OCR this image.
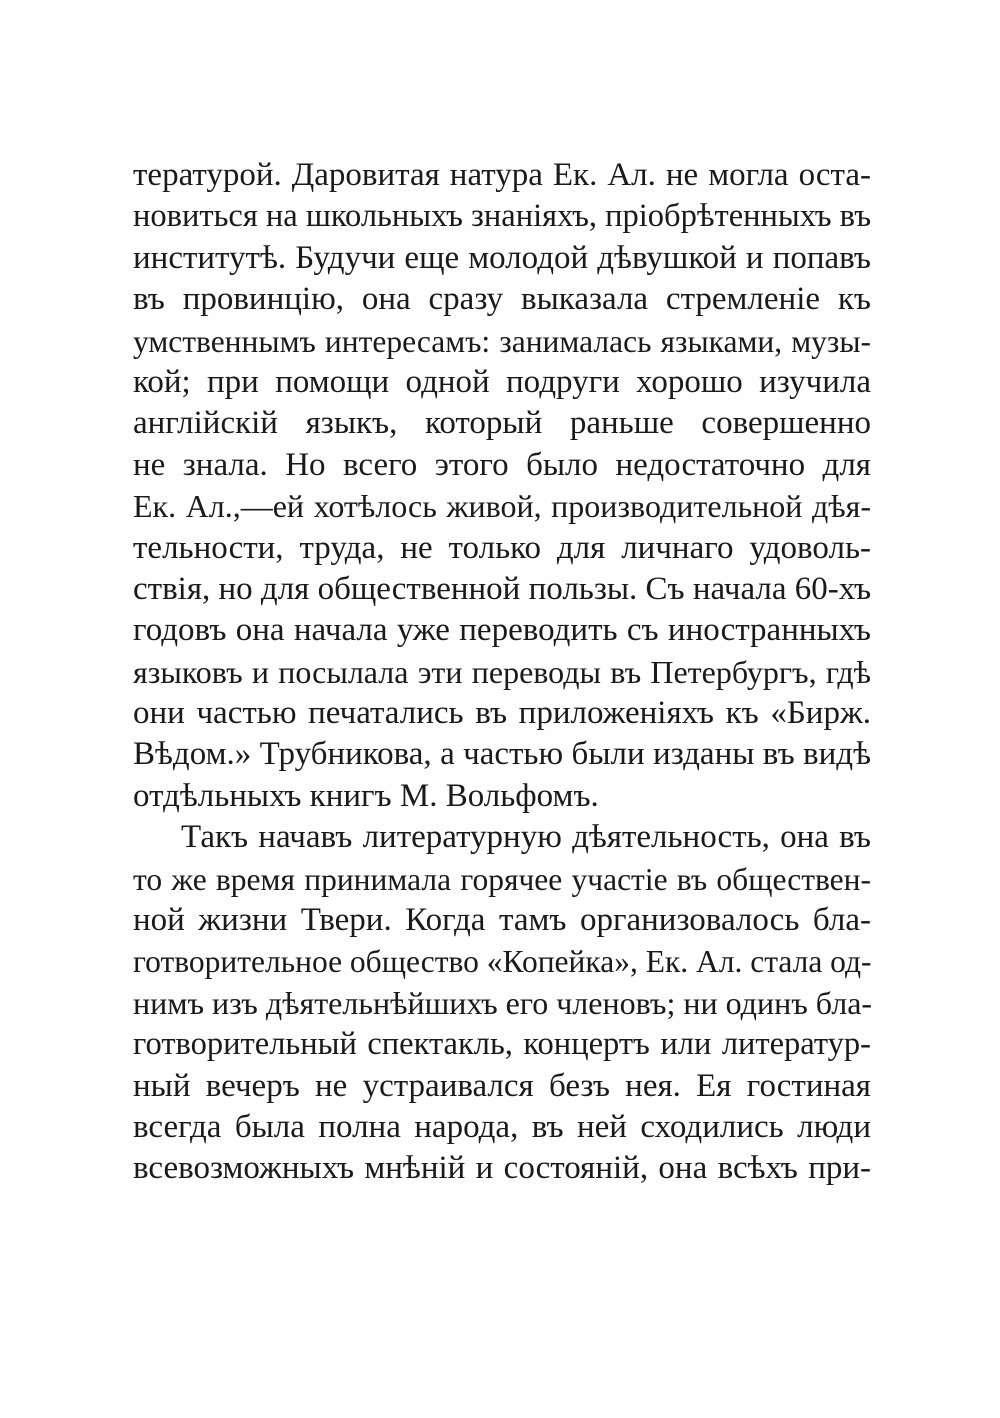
тературой. Даровитая натура Ек. Ал. не могла оста-
новиться на школьныхъ знаніяхъ, пріобрѣтенныхъ въ
институтѣ. Будучи еще молодой дѣвушкой и попавъ
въ провинцію, она сразу выказала стремленіе къ
умственнымъ интересамъ: занималась языками, музы-
кой; при помощи одной подруги хорошо изучила
англійскій языкъ, который раньше совершенно
не знала. Но всего этого было недостаточно для
Ек. Ал.,—ей хотѣлось живой, производительной дѣя-
тельности, труда, не только для личнаго удоволь-
ствія, но для общественной пользы. Съ начала 60-хъ
годовъ она начала уже переводить съ иностранныхъ
языковъ и посылала эти переводы въ Петербургъ, гдѣ
они частью печатались въ приложеніяхъ къ «Бирж.
Вѣдом.» Трубникова, а частью были изданы въ видѣ
отдѣльныхъ книгъ М. Вольфомъ.
Такъ начавъ литературную дѣятельность, она въ
то же время принимала горячее участіе въ обществен-
ной жизни Твери. Когда тамъ организовалось бла-
готворительное общество «Копейка», Ек. Ал. стала од-
нимъ изъ дѣятельнѣйшихъ его членовъ; ни одинъ бла-
готворительный спектакль, концертъ или литератур-
ный вечеръ не устраивался безъ нея. Ея гостиная
всегда была полна народа, въ ней сходились люди
всевозможныхъ мнѣній и состояній, она всѣхъ при-
